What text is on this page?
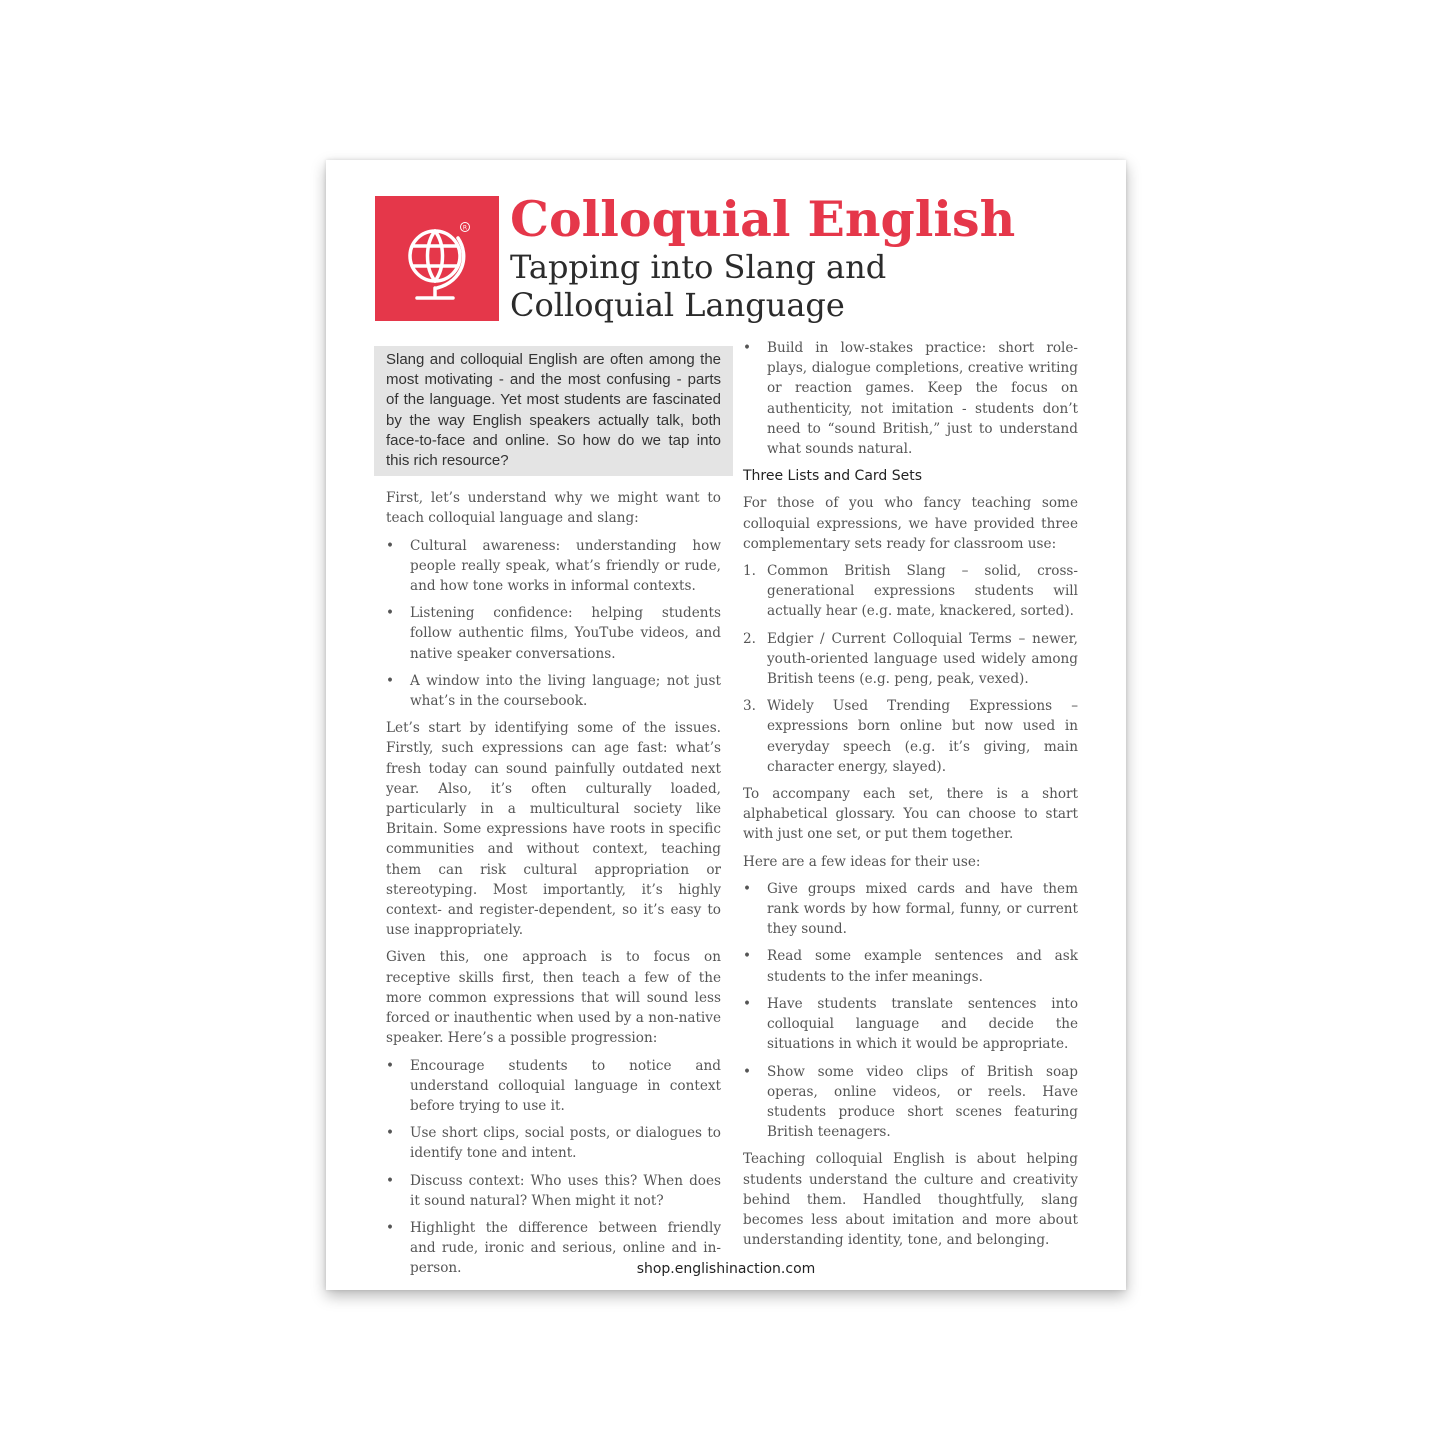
R Colloquial English
Tapping into Slang and
Colloquial Language
Slang and colloquial English are often among the most motivating - and the most confusing - parts of the language. Yet most students are fascinated by the way English speakers actually talk, both face-to-face and online. So how do we tap into this rich resource?

First, let’s understand why we might want to teach colloquial language and slang:

•	Cultural awareness: understanding how people really speak, what’s friendly or rude, and how tone works in informal contexts.
•	Listening confidence: helping students follow authentic films, YouTube videos, and native speaker conversations.
•	A window into the living language; not just what’s in the coursebook.

Let’s start by identifying some of the issues. Firstly, such expressions can age fast: what’s fresh today can sound painfully outdated next year. Also, it’s often culturally loaded, particularly in a multicultural society like Britain. Some expressions have roots in specific communities and without context, teaching them can risk cultural appropriation or stereotyping. Most importantly, it’s highly context- and register-dependent, so it’s easy to use inappropriately.

Given this, one approach is to focus on receptive skills first, then teach a few of the more common expressions that will sound less forced or inauthentic when used by a non-native speaker. Here’s a possible progression:

•	Encourage students to notice and understand colloquial language in context before trying to use it.
•	Use short clips, social posts, or dialogues to identify tone and intent.
•	Discuss context: Who uses this? When does it sound natural? When might it not?
•	Highlight the difference between friendly and rude, ironic and serious, online and in-person.
•	Build in low-stakes practice: short role-plays, dialogue completions, creative writing or reaction games. Keep the focus on authenticity, not imitation - students don’t need to “sound British,” just to understand what sounds natural.
Three Lists and Card Sets

For those of you who fancy teaching some colloquial expressions, we have provided three complementary sets ready for classroom use:

1. Common British Slang – solid, cross-generational expressions students will actually hear (e.g. mate, knackered, sorted).
2. Edgier / Current Colloquial Terms – newer, youth-oriented language used widely among British teens (e.g. peng, peak, vexed).
3. Widely Used Trending Expressions – expressions born online but now used in everyday speech (e.g. it’s giving, main character energy, slayed).

To accompany each set, there is a short alphabetical glossary. You can choose to start with just one set, or put them together.

Here are a few ideas for their use:

•	Give groups mixed cards and have them rank words by how formal, funny, or current they sound.
•	Read some example sentences and ask students to the infer meanings.
•	Have students translate sentences into colloquial language and decide the situations in which it would be appropriate.
•	Show some video clips of British soap operas, online videos, or reels. Have students produce short scenes featuring British teenagers.

Teaching colloquial English is about helping students understand the culture and creativity behind them. Handled thoughtfully, slang becomes less about imitation and more about understanding identity, tone, and belonging.

shop.englishinaction.com
